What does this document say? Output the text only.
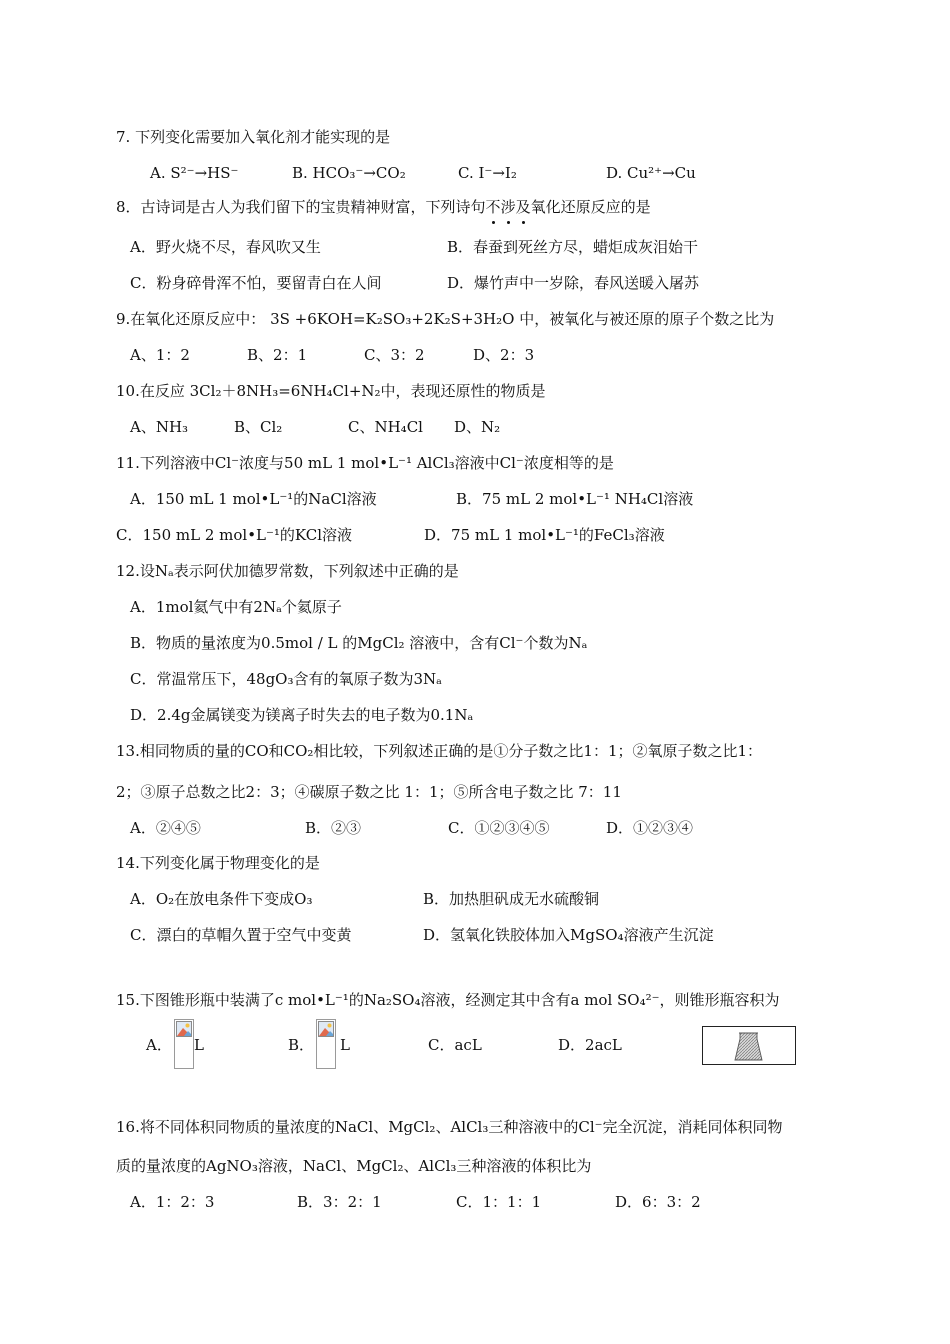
7. 下列变化需要加入氧化剂才能实现的是
A. S²⁻→HS⁻	B. HCO₃⁻→CO₂	C. I⁻→I₂	D. Cu²⁺→Cu
8．古诗词是古人为我们留下的宝贵精神财富，下列诗句不涉及氧化还原反应的是
A．野火烧不尽，春风吹又生	B．春蚕到死丝方尽，蜡炬成灰泪始干
C．粉身碎骨浑不怕，要留青白在人间	D．爆竹声中一岁除，春风送暖入屠苏
9.在氧化还原反应中： 3S +6KOH=K₂SO₃+2K₂S+3H₂O 中，被氧化与被还原的原子个数之比为
A、1：2	B、2：1	C、3：2	D、2：3
10.在反应 3Cl₂＋8NH₃=6NH₄Cl+N₂中，表现还原性的物质是
A、NH₃	B、Cl₂	C、NH₄Cl D、N₂
11.下列溶液中Cl⁻浓度与50 mL 1 mol•L⁻¹ AlCl₃溶液中Cl⁻浓度相等的是
A．150 mL 1 mol•L⁻¹的NaCl溶液	B．75 mL 2 mol•L⁻¹ NH₄Cl溶液
C．150 mL 2 mol•L⁻¹的KCl溶液	D．75 mL 1 mol•L⁻¹的FeCl₃溶液
12.设Nₐ表示阿伏加德罗常数，下列叙述中正确的是
A．1mol氦气中有2Nₐ个氦原子
B．物质的量浓度为0.5mol / L 的MgCl₂ 溶液中，含有Cl⁻个数为Nₐ
C．常温常压下，48gO₃含有的氧原子数为3Nₐ
D．2.4g金属镁变为镁离子时失去的电子数为0.1Nₐ
13.相同物质的量的CO和CO₂相比较，下列叙述正确的是①分子数之比1：1；②氧原子数之比1：
2；③原子总数之比2：3；④碳原子数之比 1：1；⑤所含电子数之比 7：11
A．②④⑤	B．②③	C．①②③④⑤	D．①②③④
14.下列变化属于物理变化的是
A．O₂在放电条件下变成O₃	B．加热胆矾成无水硫酸铜
C．漂白的草帽久置于空气中变黄	D．氢氧化铁胶体加入MgSO₄溶液产生沉淀
15.下图锥形瓶中装满了c mol•L⁻¹的Na₂SO₄溶液，经测定其中含有a mol SO₄²⁻，则锥形瓶容积为
A． L	B． L	C．acL	D．2acL
16.将不同体积同物质的量浓度的NaCl、MgCl₂、AlCl₃三种溶液中的Cl⁻完全沉淀，消耗同体积同物
质的量浓度的AgNO₃溶液，NaCl、MgCl₂、AlCl₃三种溶液的体积比为
A．1：2：3	B．3：2：1	C．1：1：1	D．6：3：2
